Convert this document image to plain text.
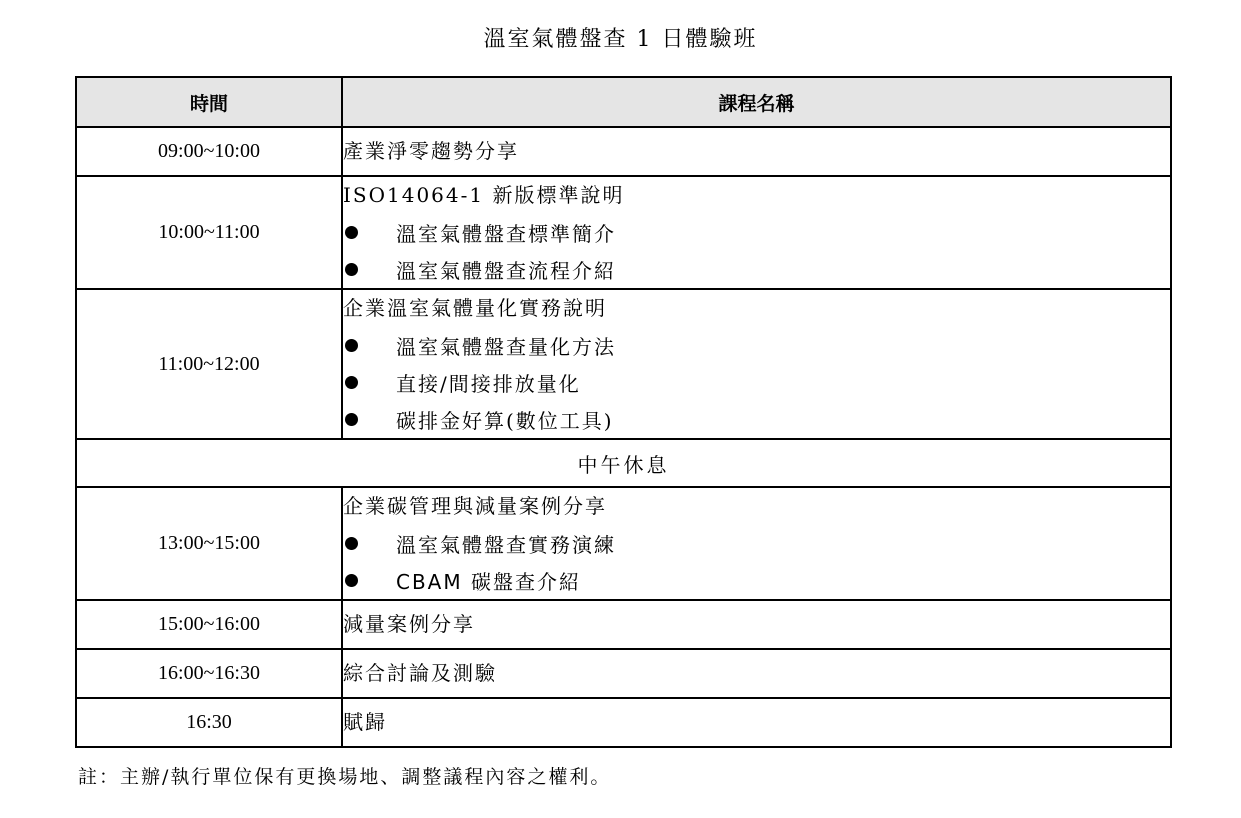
溫室氣體盤查 1 日體驗班
時間	課程名稱
09:00~10:00	產業淨零趨勢分享

10:00~11:00	ISO14064-1 新版標準說明
溫室氣體盤查標準簡介
溫室氣體盤查流程介紹

11:00~12:00	企業溫室氣體量化實務說明
溫室氣體盤查量化方法
直接/間接排放量化
碳排金好算(數位工具)

中午休息	
13:00~15:00	企業碳管理與減量案例分享
溫室氣體盤查實務演練
CBAM 碳盤查介紹

15:00~16:00	減量案例分享

16:00~16:30	綜合討論及測驗

16:30	賦歸
註：主辦/執行單位保有更換場地、調整議程內容之權利。
